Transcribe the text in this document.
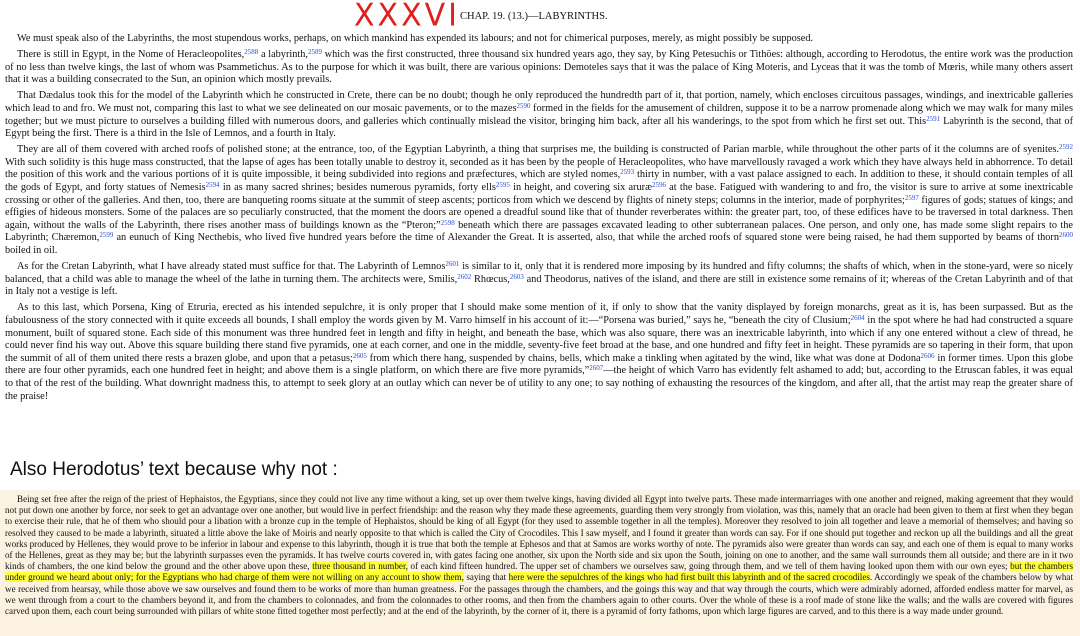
XXXVI CHAP. 19. (13.)—LABYRINTHS.

We must speak also of the Labyrinths, the most stupendous works, perhaps, on which mankind has expended its labours; and not for chimerical purposes, merely, as might possibly be supposed.

There is still in Egypt, in the Nome of Heracleopolites,$^{2588}$ a labyrinth,$^{2589}$ which was the first constructed, three thousand six hundred years ago, they say, by King Petesuchis or Tithöes: although, according to Herodotus, the entire work was the production of no less than twelve kings, the last of whom was Psammetichus. As to the purpose for which it was built, there are various opinions: Demoteles says that it was the palace of King Moteris, and Lyceas that it was the tomb of Mœris, while many others assert that it was a building consecrated to the Sun, an opinion which mostly prevails.

That Dædalus took this for the model of the Labyrinth which he constructed in Crete, there can be no doubt; though he only reproduced the hundredth part of it, that portion, namely, which encloses circuitous passages, windings, and inextricable galleries which lead to and fro. We must not, comparing this last to what we see delineated on our mosaic pavements, or to the mazes$^{2590}$ formed in the fields for the amusement of children, suppose it to be a narrow promenade along which we may walk for many miles together; but we must picture to ourselves a building filled with numerous doors, and galleries which continually mislead the visitor, bringing him back, after all his wanderings, to the spot from which he first set out. This$^{2591}$ Labyrinth is the second, that of Egypt being the first. There is a third in the Isle of Lemnos, and a fourth in Italy.

They are all of them covered with arched roofs of polished stone; at the entrance, too, of the Egyptian Labyrinth, a thing that surprises me, the building is constructed of Parian marble, while throughout the other parts of it the columns are of syenites.$^{2592}$ With such solidity is this huge mass constructed, that the lapse of ages has been totally unable to destroy it, seconded as it has been by the people of Heracleopolites, who have marvellously ravaged a work which they have always held in abhorrence. To detail the position of this work and the various portions of it is quite impossible, it being subdivided into regions and præfectures, which are styled nomes,$^{2593}$ thirty in number, with a vast palace assigned to each. In addition to these, it should contain temples of all the gods of Egypt, and forty statues of Nemesis$^{2594}$ in as many sacred shrines; besides numerous pyramids, forty ells$^{2595}$ in height, and covering six aruræ$^{2596}$ at the base. Fatigued with wandering to and fro, the visitor is sure to arrive at some inextricable crossing or other of the galleries. And then, too, there are banqueting rooms situate at the summit of steep ascents; porticos from which we descend by flights of ninety steps; columns in the interior, made of porphyrites;$^{2597}$ figures of gods; statues of kings; and effigies of hideous monsters. Some of the palaces are so peculiarly constructed, that the moment the doors are opened a dreadful sound like that of thunder reverberates within: the greater part, too, of these edifices have to be traversed in total darkness. Then again, without the walls of the Labyrinth, there rises another mass of buildings known as the “Pteron;”$^{2598}$ beneath which there are passages excavated leading to other subterranean palaces. One person, and only one, has made some slight repairs to the Labyrinth; Chæremon,$^{2599}$ an eunuch of King Necthebis, who lived five hundred years before the time of Alexander the Great. It is asserted, also, that while the arched roofs of squared stone were being raised, he had them supported by beams of thorn$^{2600}$ boiled in oil.

As for the Cretan Labyrinth, what I have already stated must suffice for that. The Labyrinth of Lemnos$^{2601}$ is similar to it, only that it is rendered more imposing by its hundred and fifty columns; the shafts of which, when in the stone-yard, were so nicely balanced, that a child was able to manage the wheel of the lathe in turning them. The architects were, Smilis,$^{2602}$ Rhœcus,$^{2603}$ and Theodorus, natives of the island, and there are still in existence some remains of it; whereas of the Cretan Labyrinth and of that in Italy not a vestige is left.

As to this last, which Porsena, King of Etruria, erected as his intended sepulchre, it is only proper that I should make some mention of it, if only to show that the vanity displayed by foreign monarchs, great as it is, has been surpassed. But as the fabulousness of the story connected with it quite exceeds all bounds, I shall employ the words given by M. Varro himself in his account of it:—“Porsena was buried,” says he, “beneath the city of Clusium;$^{2604}$ in the spot where he had had constructed a square monument, built of squared stone. Each side of this monument was three hundred feet in length and fifty in height, and beneath the base, which was also square, there was an inextricable labyrinth, into which if any one entered without a clew of thread, he could never find his way out. Above this square building there stand five pyramids, one at each corner, and one in the middle, seventy-five feet broad at the base, and one hundred and fifty feet in height. These pyramids are so tapering in their form, that upon the summit of all of them united there rests a brazen globe, and upon that a petasus;$^{2605}$ from which there hang, suspended by chains, bells, which make a tinkling when agitated by the wind, like what was done at Dodona$^{2606}$ in former times. Upon this globe there are four other pyramids, each one hundred feet in height; and above them is a single platform, on which there are five more pyramids,”$^{2607}$—the height of which Varro has evidently felt ashamed to add; but, according to the Etruscan fables, it was equal to that of the rest of the building. What downright madness this, to attempt to seek glory at an outlay which can never be of utility to any one; to say nothing of exhausting the resources of the kingdom, and after all, that the artist may reap the greater share of the praise!

Also Herodotus’ text because why not :

Being set free after the reign of the priest of Hephaistos, the Egyptians, since they could not live any time without a king, set up over them twelve kings, having divided all Egypt into twelve parts. These made intermarriages with one another and reigned, making agreement that they would not put down one another by force, nor seek to get an advantage over one another, but would live in perfect friendship: and the reason why they made these agreements, guarding them very strongly from violation, was this, namely that an oracle had been given to them at first when they began to exercise their rule, that he of them who should pour a libation with a bronze cup in the temple of Hephaistos, should be king of all Egypt (for they used to assemble together in all the temples). Moreover they resolved to join all together and leave a memorial of themselves; and having so resolved they caused to be made a labyrinth, situated a little above the lake of Moiris and nearly opposite to that which is called the City of Crocodiles. This I saw myself, and I found it greater than words can say. For if one should put together and reckon up all the buildings and all the great works produced by Hellenes, they would prove to be inferior in labour and expense to this labyrinth, though it is true that both the temple at Ephesos and that at Samos are works worthy of note. The pyramids also were greater than words can say, and each one of them is equal to many works of the Hellenes, great as they may be; but the labyrinth surpasses even the pyramids. It has twelve courts covered in, with gates facing one another, six upon the North side and six upon the South, joining on one to another, and the same wall surrounds them all outside; and there are in it two kinds of chambers, the one kind below the ground and the other above upon these, three thousand in number, of each kind fifteen hundred. The upper set of chambers we ourselves saw, going through them, and we tell of them having looked upon them with our own eyes; but the chambers under ground we heard about only; for the Egyptians who had charge of them were not willing on any account to show them, saying that here were the sepulchres of the kings who had first built this labyrinth and of the sacred crocodiles. Accordingly we speak of the chambers below by what we received from hearsay, while those above we saw ourselves and found them to be works of more than human greatness. For the passages through the chambers, and the goings this way and that way through the courts, which were admirably adorned, afforded endless matter for marvel, as we went through from a court to the chambers beyond it, and from the chambers to colonnades, and from the colonnades to other rooms, and then from the chambers again to other courts. Over the whole of these is a roof made of stone like the walls; and the walls are covered with figures carved upon them, each court being surrounded with pillars of white stone fitted together most perfectly; and at the end of the labyrinth, by the corner of it, there is a pyramid of forty fathoms, upon which large figures are carved, and to this there is a way made under ground.
